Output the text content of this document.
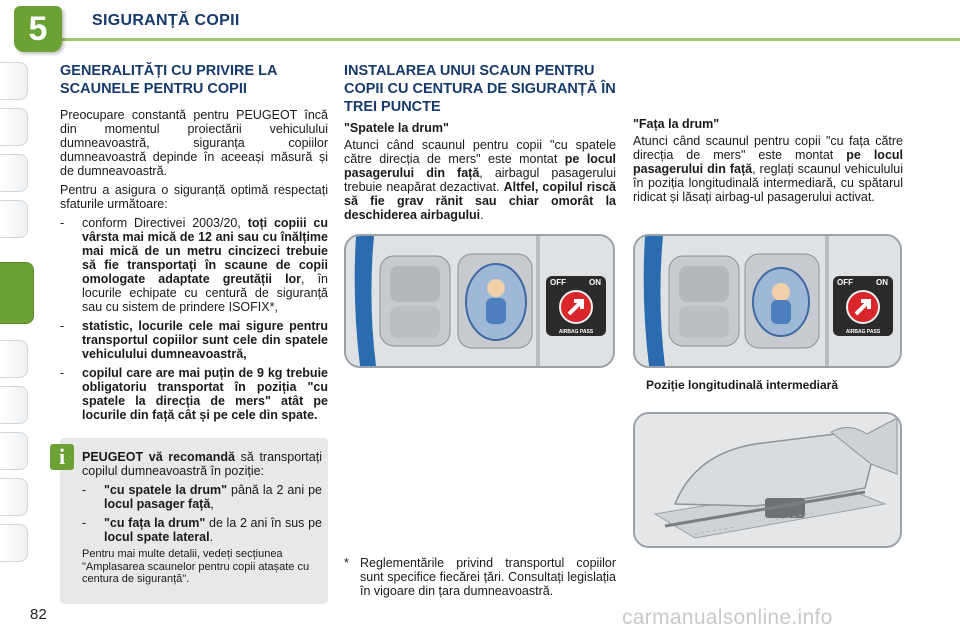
5	SIGURANȚĂ COPII
GENERALITĂȚI CU PRIVIRE LA SCAUNELE PENTRU COPII

Preocupare constantă pentru PEUGEOT încă din momentul proiectării vehiculului dumneavoastră, siguranța copiilor dumneavoastră depinde în aceeași măsură și de dumneavoastră.

Pentru a asigura o siguranță optimă respectați sfaturile următoare:

-	conform Directivei 2003/20, toți copiii cu vârsta mai mică de 12 ani sau cu înălțime mai mică de un metru cincizeci trebuie să fie transportați în scaune de copii omologate adaptate greutății lor, în locurile echipate cu centură de siguranță sau cu sistem de prindere ISOFIX*,
-	statistic, locurile cele mai sigure pentru transportul copiilor sunt cele din spatele vehiculului dumneavoastră,
-	copilul care are mai puțin de 9 kg trebuie obligatoriu transportat în poziția "cu spatele la direcția de mers" atât pe locurile din față cât și pe cele din spate.
i	PEUGEOT vă recomandă să transportați copilul dumneavoastră în poziție:

-	"cu spatele la drum" până la 2 ani pe locul pasager față,
-	"cu fața la drum" de la 2 ani în sus pe locul spate lateral.

Pentru mai multe detalii, vedeți secțiunea "Amplasarea scaunelor pentru copii atașate cu centura de siguranță".

INSTALAREA UNUI SCAUN PENTRU COPII CU CENTURA DE SIGURANȚĂ ÎN TREI PUNCTE

"Spatele la drum"

Atunci când scaunul pentru copii "cu spatele către direcția de mers" este montat pe locul pasagerului din față, airbagul pasagerului trebuie neapărat dezactivat. Altfel, copilul riscă să fie grav rănit sau chiar omorât la deschiderea airbagului.

"Fața la drum"

Atunci când scaunul pentru copii "cu fața către direcția de mers" este montat pe locul pasagerului din față, reglați scaunul vehiculului în poziția longitudinală intermediară, cu spătarul ridicat și lăsați airbag-ul pasagerului activat.

OFF	ON
AIRBAG PASS
OFF	ON
AIRBAG PASS
Poziție longitudinală intermediară
* Reglementările privind transportul copiilor sunt specifice fiecărei țări. Consultați legislația în vigoare din țara dumneavoastră.
82	carmanualsonline.info
